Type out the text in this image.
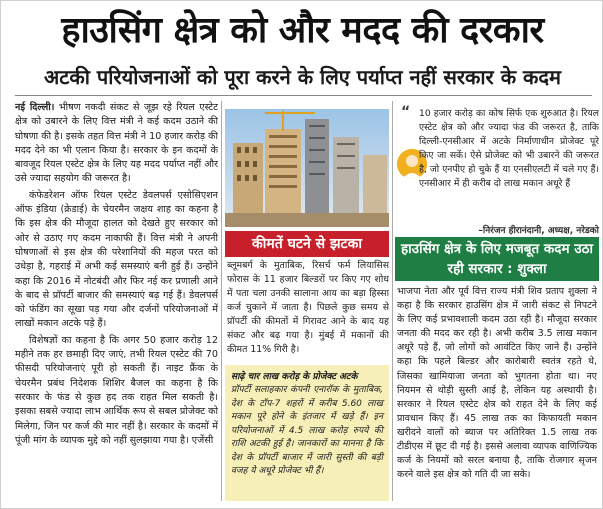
हाउसिंग क्षेत्र को और मदद की दरकार
अटकी परियोजनाओं को पूरा करने के लिए पर्याप्त नहीं सरकार के कदम

नई दिल्ली। भीषण नकदी संकट से जूझ रहे रियल एस्टेट क्षेत्र को उबारने के लिए वित्त मंत्री ने कई कदम उठाने की घोषणा की है। इसके तहत वित्त मंत्री ने 10 हजार करोड़ की मदद देने का भी एलान किया है। सरकार के इन कदमों के बावजूद रियल एस्टेट क्षेत्र के लिए यह मदद पर्याप्त नहीं और उसे ज्यादा सहयोग की जरूरत है।

कंफेडरेशन ऑफ रियल एस्टेट डेवलपर्स एसोसिएशन ऑफ इंडिया (क्रेडाई) के चेयरमैन जक्षय शाह का कहना है कि इस क्षेत्र की मौजूदा हालत को देखते हुए सरकार को ओर से उठाए गए कदम नाकाफी हैं। वित्त मंत्री ने अपनी घोषणाओं से इस क्षेत्र की परेशानियों की महज परत को उधेड़ा है, गहराई में अभी कई समस्याएं बनी हुई हैं। उन्होंने कहा कि 2016 में नोटबंदी और फिर नई कर प्रणाली आने के बाद से प्रॉपर्टी बाजार की समस्याएं बढ़ गई हैं। डेवलपर्स को फंडिंग का सूखा पड़ गया और दर्जनों परियोजनाओं में लाखों मकान अटके पड़े हैं।

विशेषज्ञों का कहना है कि अगर 50 हजार करोड़ 12 महीने तक हर छमाही दिए जाएं, तभी रियल एस्टेट की 70 फीसदी परियोजनाएं पूरी हो सकती हैं। नाइट फ्रैंक के चेयरमैन प्रबंध निदेशक शिशिर बैजल का कहना है कि सरकार के फंड से कुछ हद तक राहत मिल सकती है। इसका सबसे ज्यादा लाभ आर्थिक रूप से सबल प्रोजेक्ट को मिलेगा, जिन पर कर्ज की मार नहीं है। सरकार के कदमों में पूंजी मांग के व्यापक मुद्दे को नहीं सुलझाया गया है। एजेंसी

कीमतें घटने से झटका
ब्लूमबर्ग के मुताबिक, रिसर्च फर्म लियासिस फोरास के 11 हजार बिल्डरों पर किए गए शोध में पता चला उनकी सालाना आय का बड़ा हिस्सा कर्ज चुकाने में जाता है। पिछले कुछ समय से प्रॉपर्टी की कीमतों में गिरावट आने के बाद यह संकट और बढ़ गया है। मुंबई में मकानों की कीमत 11% गिरी है।
साढ़े चार लाख करोड़ के प्रोजेक्ट अटके
प्रॉपर्टी सलाहकार कंपनी एनारॉक के मुताबिक, देश के टॉप-7 शहरों में करीब 5.60 लाख मकान पूरे होने के इंतजार में खड़े हैं। इन परियोजनाओं में 4.5 लाख करोड़ रुपये की राशि अटकी हुई है। जानकारों का मानना है कि देश के प्रॉपर्टी बाजार में जारी सुस्ती की बड़ी वजह ये अधूरे प्रोजेक्ट भी हैं।
“ 10 हजार करोड़ का कोष सिर्फ एक शुरुआत है। रियल एस्टेट क्षेत्र को और ज्यादा फंड की जरूरत है, ताकि दिल्ली-एनसीआर में अटके निर्माणाधीन प्रोजेक्ट पूरे किए जा सकें। ऐसे प्रोजेक्ट को भी उबारने की जरूरत है, जो एनपीए हो चुके हैं या एनसीएलटी में चले गए हैं। एनसीआर में ही करीब दो लाख मकान अधूरे हैं
–निरंजन हीरानंदानी, अध्यक्ष, नरेडको
हाउसिंग क्षेत्र के लिए मजबूत कदम उठा रही सरकार : शुक्ला
भाजपा नेता और पूर्व वित्त राज्य मंत्री शिव प्रताप शुक्ला ने कहा है कि सरकार हाउसिंग क्षेत्र में जारी संकट से निपटने के लिए कई प्रभावशाली कदम उठा रही है। मौजूदा सरकार जनता की मदद कर रही है। अभी करीब 3.5 लाख मकान अधूरे पड़े हैं, जो लोगों को आवंटित किए जाने हैं। उन्होंने कहा कि पहले बिल्डर और कारोबारी स्वतंत्र रहते थे, जिसका खामियाजा जनता को भुगतना होता था। नए नियमन से थोड़ी सुस्ती आई है, लेकिन यह अस्थायी है। सरकार ने रियल एस्टेट क्षेत्र को राहत देने के लिए कई प्रावधान किए हैं। 45 लाख तक का किफायती मकान खरीदने वालों को ब्याज पर अतिरिक्त 1.5 लाख तक टीडीएस में छूट दी गई है। इससे अलावा व्यापक वाणिज्यिक कर्ज के नियमों को सरल बनाया है, ताकि रोजगार सृजन करने वाले इस क्षेत्र को गति दी जा सके।
